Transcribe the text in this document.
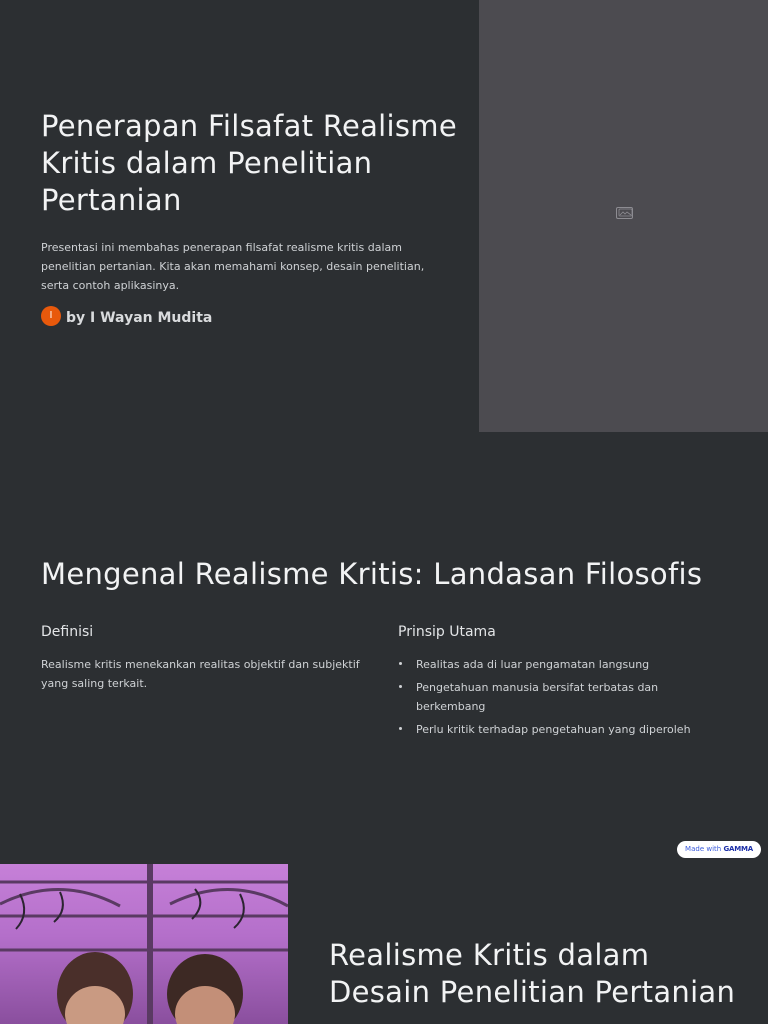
Penerapan Filsafat Realisme Kritis dalam Penelitian Pertanian
Presentasi ini membahas penerapan filsafat realisme kritis dalam penelitian pertanian. Kita akan memahami konsep, desain penelitian, serta contoh aplikasinya.
I by I Wayan Mudita
Mengenal Realisme Kritis: Landasan Filosofis
Definisi
Realisme kritis menekankan realitas objektif dan subjektif yang saling terkait.
Prinsip Utama
Realitas ada di luar pengamatan langsung
Pengetahuan manusia bersifat terbatas dan berkembang
Perlu kritik terhadap pengetahuan yang diperoleh
Made with GAMMA
Realisme Kritis dalam Desain Penelitian Pertanian
